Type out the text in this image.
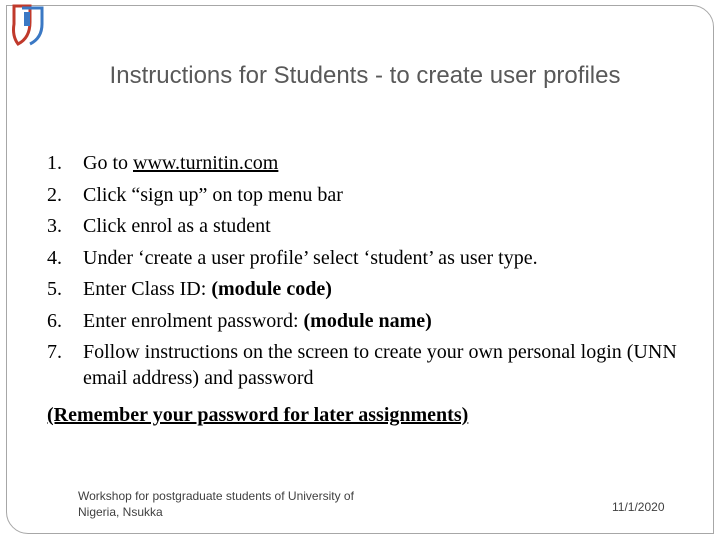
Instructions for Students - to create user profiles
1. Go to www.turnitin.com
2. Click “sign up” on top menu bar
3. Click enrol as a student
4. Under ‘create a user profile’ select ‘student’ as user type.
5. Enter Class ID: (module code)
6. Enter enrolment password: (module name)
7. Follow instructions on the screen to create your own personal login (UNN email address) and password
(Remember your password for later assignments)
Workshop for postgraduate students of University of Nigeria, Nsukka	11/1/2020
